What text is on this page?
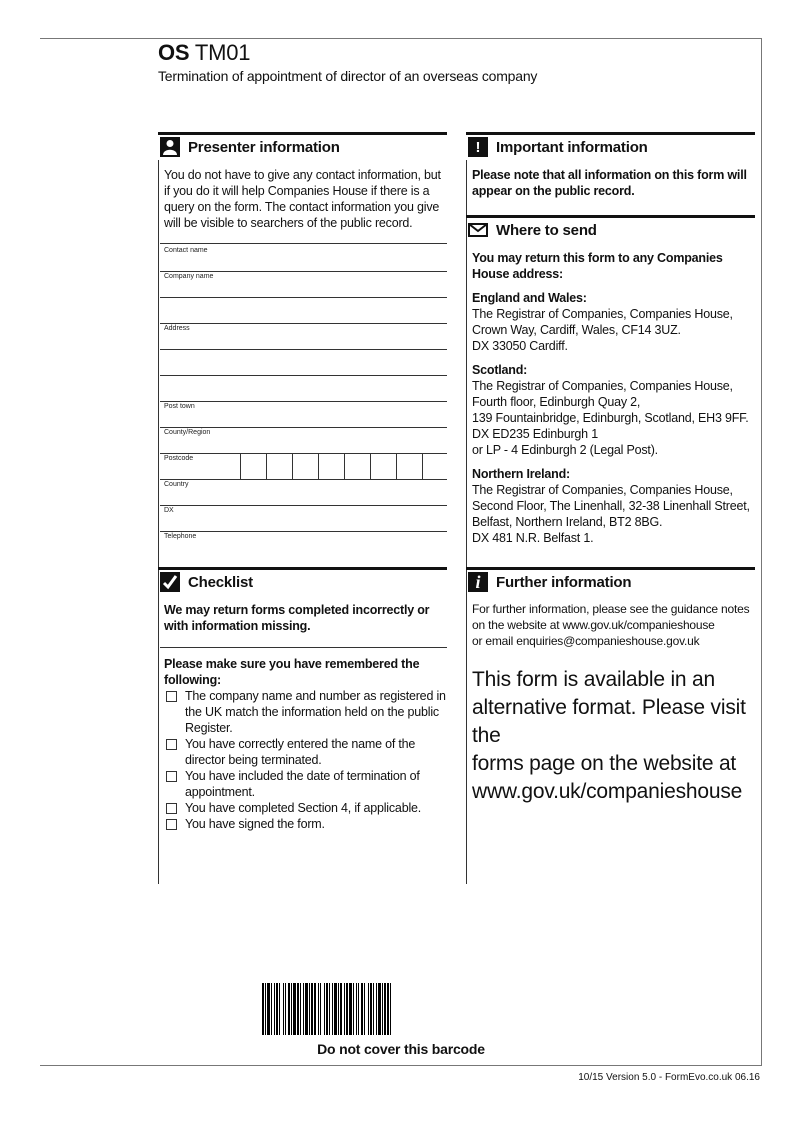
OS TM01
Termination of appointment of director of an overseas company
Presenter information
You do not have to give any contact information, but if you do it will help Companies House if there is a query on the form. The contact information you give will be visible to searchers of the public record.
Contact name
Company name
Address
Post town
County/Region
Postcode
Country
DX
Telephone
Checklist
We may return forms completed incorrectly or with information missing.
Please make sure you have remembered the following:
The company name and number as registered in the UK match the information held on the public Register.
You have correctly entered the name of the director being terminated.
You have included the date of termination of appointment.
You have completed Section 4, if applicable.
You have signed the form.
!	Important information
Please note that all information on this form will appear on the public record.
Where to send
You may return this form to any Companies House address:
England and Wales:
The Registrar of Companies, Companies House,
Crown Way, Cardiff, Wales, CF14 3UZ.
DX 33050 Cardiff.
Scotland:
The Registrar of Companies, Companies House,
Fourth floor, Edinburgh Quay 2,
139 Fountainbridge, Edinburgh, Scotland, EH3 9FF.
DX ED235 Edinburgh 1
or LP - 4 Edinburgh 2 (Legal Post).
Northern Ireland:
The Registrar of Companies, Companies House,
Second Floor, The Linenhall, 32-38 Linenhall Street,
Belfast, Northern Ireland, BT2 8BG.
DX 481 N.R. Belfast 1.
i	Further information
For further information, please see the guidance notes
on the website at www.gov.uk/companieshouse
or email enquiries@companieshouse.gov.uk
This form is available in an
alternative format. Please visit the
forms page on the website at
www.gov.uk/companieshouse
Do not cover this barcode
10/15 Version 5.0 - FormEvo.co.uk 06.16
